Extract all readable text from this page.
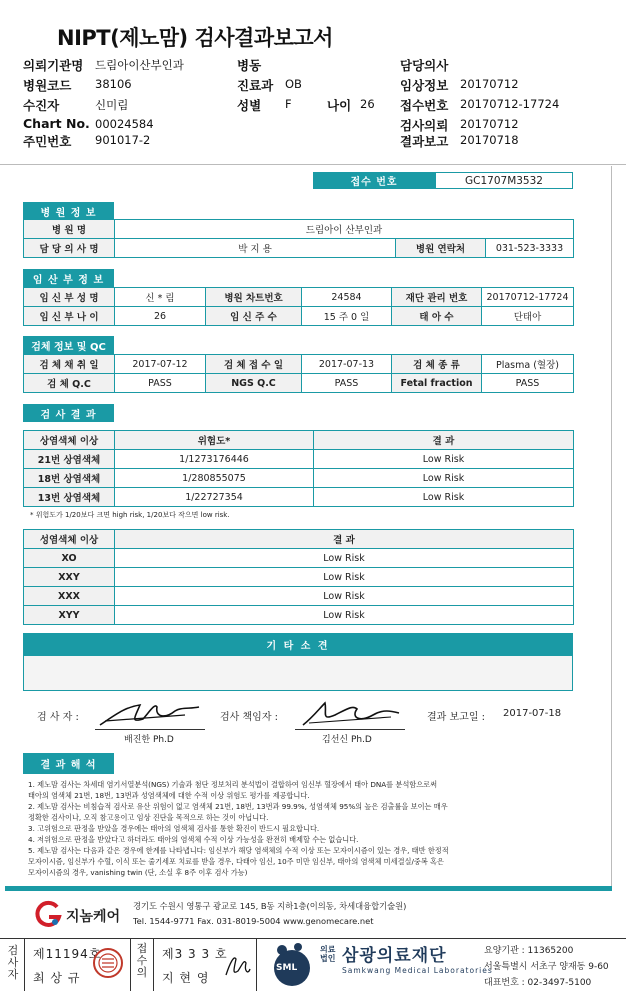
NIPT(제노맘) 검사결과보고서
의뢰기관명 드림아이산부인과
병원코드 38106
수진자	신미림
Chart No. 00024584
주민번호 901017-2
병동
진료과 OB
성별 F	나이 26
담당의사
임상정보 20170712
접수번호 20170712-17724
검사의뢰 20170712
결과보고 20170718
접수 번호	GC1707M3532
병 원 정 보
병 원 명	드림아이 산부인과		
담 당 의 사 명	박 지 용	병원 연락처	031-523-3333
임 산 부 정 보
임 신 부 성 명	신 * 림	병원 차트번호	24584	재단 관리 번호	20170712-17724
임 신 부 나 이	26	임 신 주 수	15 주 0 일	태 아 수	단태아
검체 정보 및 QC
검 체 채 취 일	2017-07-12	검 체 접 수 일	2017-07-13	검 체 종 류	Plasma (혈장)
검 체 Q.C	PASS	NGS Q.C	PASS	Fetal fraction	PASS
검 사 결 과
상염색체 이상	위험도*	결 과
21번 상염색체	1/1273176446	Low Risk
18번 상염색체	1/280855075	Low Risk
13번 상염색체	1/22727354	Low Risk
* 위험도가 1/20보다 크면 high risk, 1/20보다 작으면 low risk.
성염색체 이상	결 과
XO	Low Risk
XXY	Low Risk
XXX	Low Risk
XYY	Low Risk
기 타 소 견
검 사 자 :
배진한 Ph.D
검사 책임자 :
김선신 Ph.D
결과 보고일 : 2017-07-18
결 과 해 석
1. 제노맘 검사는 차세대 염기서열분석(NGS) 기술과 첨단 정보처리 분석법이 결합하여 임신부 혈장에서 태아 DNA를 분석함으로써
태아의 염색체 21번, 18번, 13번과 성염색체에 대한 수적 이상 위험도 평가를 제공합니다.
2. 제노맘 검사는 비침습적 검사로 유산 위험이 없고 염색체 21번, 18번, 13번과 99.9%, 성염색체 95%의 높은 검출률을 보이는 매우
정확한 검사이나, 오직 참고용이고 임상 진단을 목적으로 하는 것이 아닙니다.
3. 고위험으로 판정을 받았을 경우에는 태아의 염색체 검사를 통한 확진이 반드시 필요합니다.
4. 저위험으로 판정을 받았다고 하더라도 태아의 염색체 수적 이상 가능성을 완전히 배제할 수는 없습니다.
5. 제노맘 검사는 다음과 같은 경우에 한계를 나타냅니다: 임신부가 해당 염색체의 수적 이상 또는 모자이시즘이 있는 경우, 태반 한정적
모자이시즘, 임신부가 수혈, 이식 또는 줄기세포 치료를 받을 경우, 다태아 임신, 10주 미만 임신부, 태아의 염색체 미세결실/중복 혹은
모자이시즘의 경우, vanishing twin (단, 소실 후 8주 이후 검사 가능)
지놈케어
경기도 수원시 영통구 광교로 145, B동 지하1층(이의동, 차세대융합기술원)
Tel. 1544-9771 Fax. 031-8019-5004 www.genomecare.net
검사자
제11194호
최 상 규
접수의
제3 3 3 호
지 현 영
SML
의료법인 삼광의료재단
Samkwang Medical Laboratories
요양기관 : 11365200
서울특별시 서초구 양재동 9-60
대표번호 : 02-3497-5100
